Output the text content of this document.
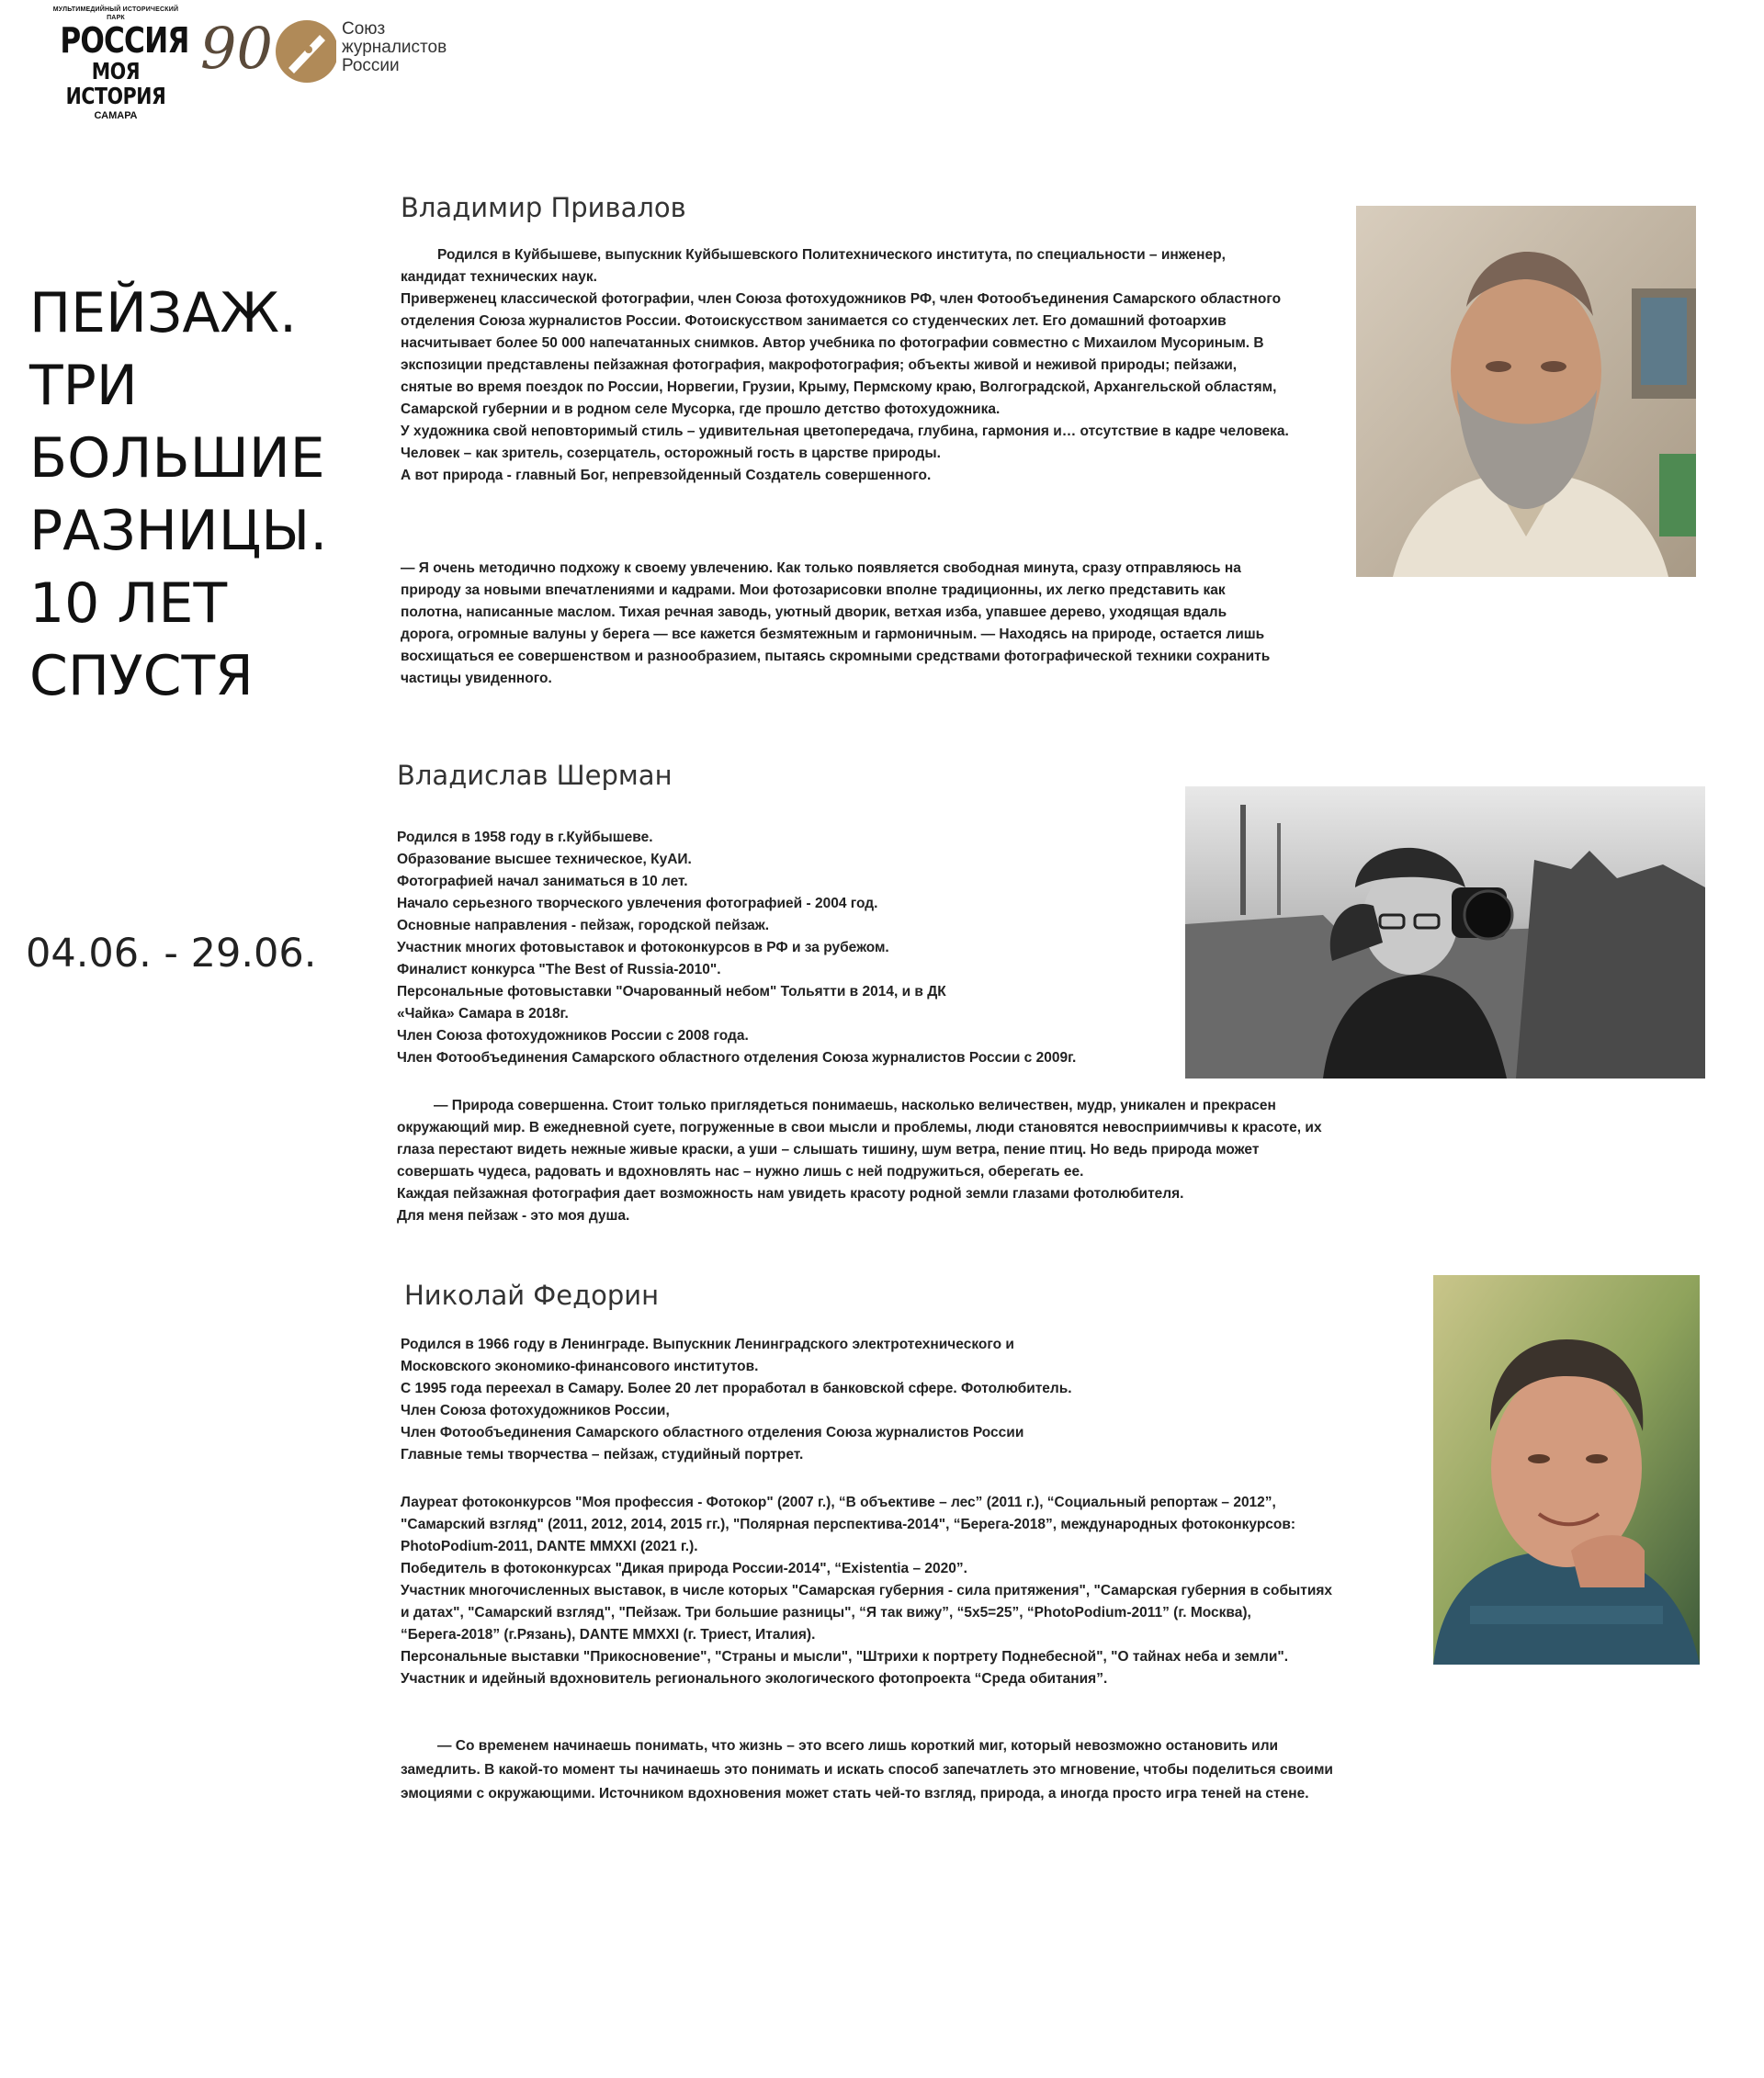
МУЛЬТИМЕДИЙНЫЙ ИСТОРИЧЕСКИЙ ПАРК
РОССИЯ
МОЯ ИСТОРИЯ
САМАРА
90	Союз
журналистов
России
ПЕЙЗАЖ.
ТРИ
БОЛЬШИЕ
РАЗНИЦЫ.
10 ЛЕТ
СПУСТЯ
04.06. - 29.06.
Владимир Привалов

Родился в Куйбышеве, выпускник Куйбышевского Политехнического института, по специальности – инженер, кандидат технических наук.

Приверженец классической фотографии, член Союза фотохудожников РФ, член Фотообъединения Самарского областного отделения Союза журналистов России. Фотоискусством занимается со студенческих лет. Его домашний фотоархив насчитывает более 50 000 напечатанных снимков. Автор учебника по фотографии совместно с Михаилом Мусориным. В экспозиции представлены пейзажная фотография, макрофотография; объекты живой и неживой природы; пейзажи, снятые во время поездок по России, Норвегии, Грузии, Крыму, Пермскому краю, Волгоградской, Архангельской областям, Самарской губернии и в родном селе Мусорка, где прошло детство фотохудожника.

У художника свой неповторимый стиль – удивительная цветопередача, глубина, гармония и… отсутствие в кадре человека. Человек – как зритель, созерцатель, осторожный гость в царстве природы.

А вот природа - главный Бог, непревзойденный Создатель совершенного.

— Я очень методично подхожу к своему увлечению. Как только появляется свободная минута, сразу отправляюсь на природу за новыми впечатлениями и кадрами. Мои фотозарисовки вполне традиционны, их легко представить как полотна, написанные маслом. Тихая речная заводь, уютный дворик, ветхая изба, упавшее дерево, уходящая вдаль дорога, огромные валуны у берега — все кажется безмятежным и гармоничным. — Находясь на природе, остается лишь восхищаться ее совершенством и разнообразием, пытаясь скромными средствами фотографической техники сохранить частицы увиденного.

Владислав Шерман

Родился в 1958 году в г.Куйбышеве.

Образование высшее техническое, КуАИ.

Фотографией начал заниматься в 10 лет.

Начало серьезного творческого увлечения фотографией - 2004 год.

Основные направления - пейзаж, городской пейзаж.

Участник многих фотовыставок и фотоконкурсов в РФ и за рубежом.

Финалист конкурса "The Best of Russia-2010".

Персональные фотовыставки "Очарованный небом" Тольятти в 2014, и в ДК

«Чайка» Самара в 2018г.

Член Союза фотохудожников России с 2008 года.

Член Фотообъединения Самарского областного отделения Союза журналистов России с 2009г.

— Природа совершенна. Стоит только приглядеться понимаешь, насколько величествен, мудр, уникален и прекрасен окружающий мир. В ежедневной суете, погруженные в свои мысли и проблемы, люди становятся невосприимчивы к красоте, их глаза перестают видеть нежные живые краски, а уши – слышать тишину, шум ветра, пение птиц. Но ведь природа может совершать чудеса, радовать и вдохновлять нас – нужно лишь с ней подружиться, оберегать ее.

Каждая пейзажная фотография дает возможность нам увидеть красоту родной земли глазами фотолюбителя.

Для меня пейзаж - это моя душа.

Николай Федорин

Родился в 1966 году в Ленинграде. Выпускник Ленинградского электротехнического и

Московского экономико-финансового институтов.

С 1995 года переехал в Самару. Более 20 лет проработал в банковской сфере. Фотолюбитель.

Член Союза фотохудожников России,

Член Фотообъединения Самарского областного отделения Союза журналистов России

Главные темы творчества – пейзаж, студийный портрет.

Лауреат фотоконкурсов "Моя профессия - Фотокор" (2007 г.), “В объективе – лес” (2011 г.), “Социальный репортаж – 2012”, "Самарский взгляд" (2011, 2012, 2014, 2015 гг.), "Полярная перспектива-2014", “Берега-2018”, международных фотоконкурсов: PhotoPodium-2011, DANTE MMXXI (2021 г.).

Победитель в фотоконкурсах "Дикая природа России-2014", “Existentia – 2020”.

Участник многочисленных выставок, в числе которых "Самарская губерния - сила притяжения", "Самарская губерния в событиях и датах", "Самарский взгляд", "Пейзаж. Три большие разницы", “Я так вижу”, “5х5=25”, “PhotoPodium-2011” (г. Москва), “Берега-2018” (г.Рязань), DANTE MMXXI (г. Триест, Италия).

Персональные выставки "Прикосновение", "Страны и мысли", "Штрихи к портрету Поднебесной", "О тайнах неба и земли".

Участник и идейный вдохновитель регионального экологического фотопроекта “Среда обитания”.

— Со временем начинаешь понимать, что жизнь – это всего лишь короткий миг, который невозможно остановить или замедлить. В какой-то момент ты начинаешь это понимать и искать способ запечатлеть это мгновение, чтобы поделиться своими эмоциями с окружающими. Источником вдохновения может стать чей-то взгляд, природа, а иногда просто игра теней на стене.
